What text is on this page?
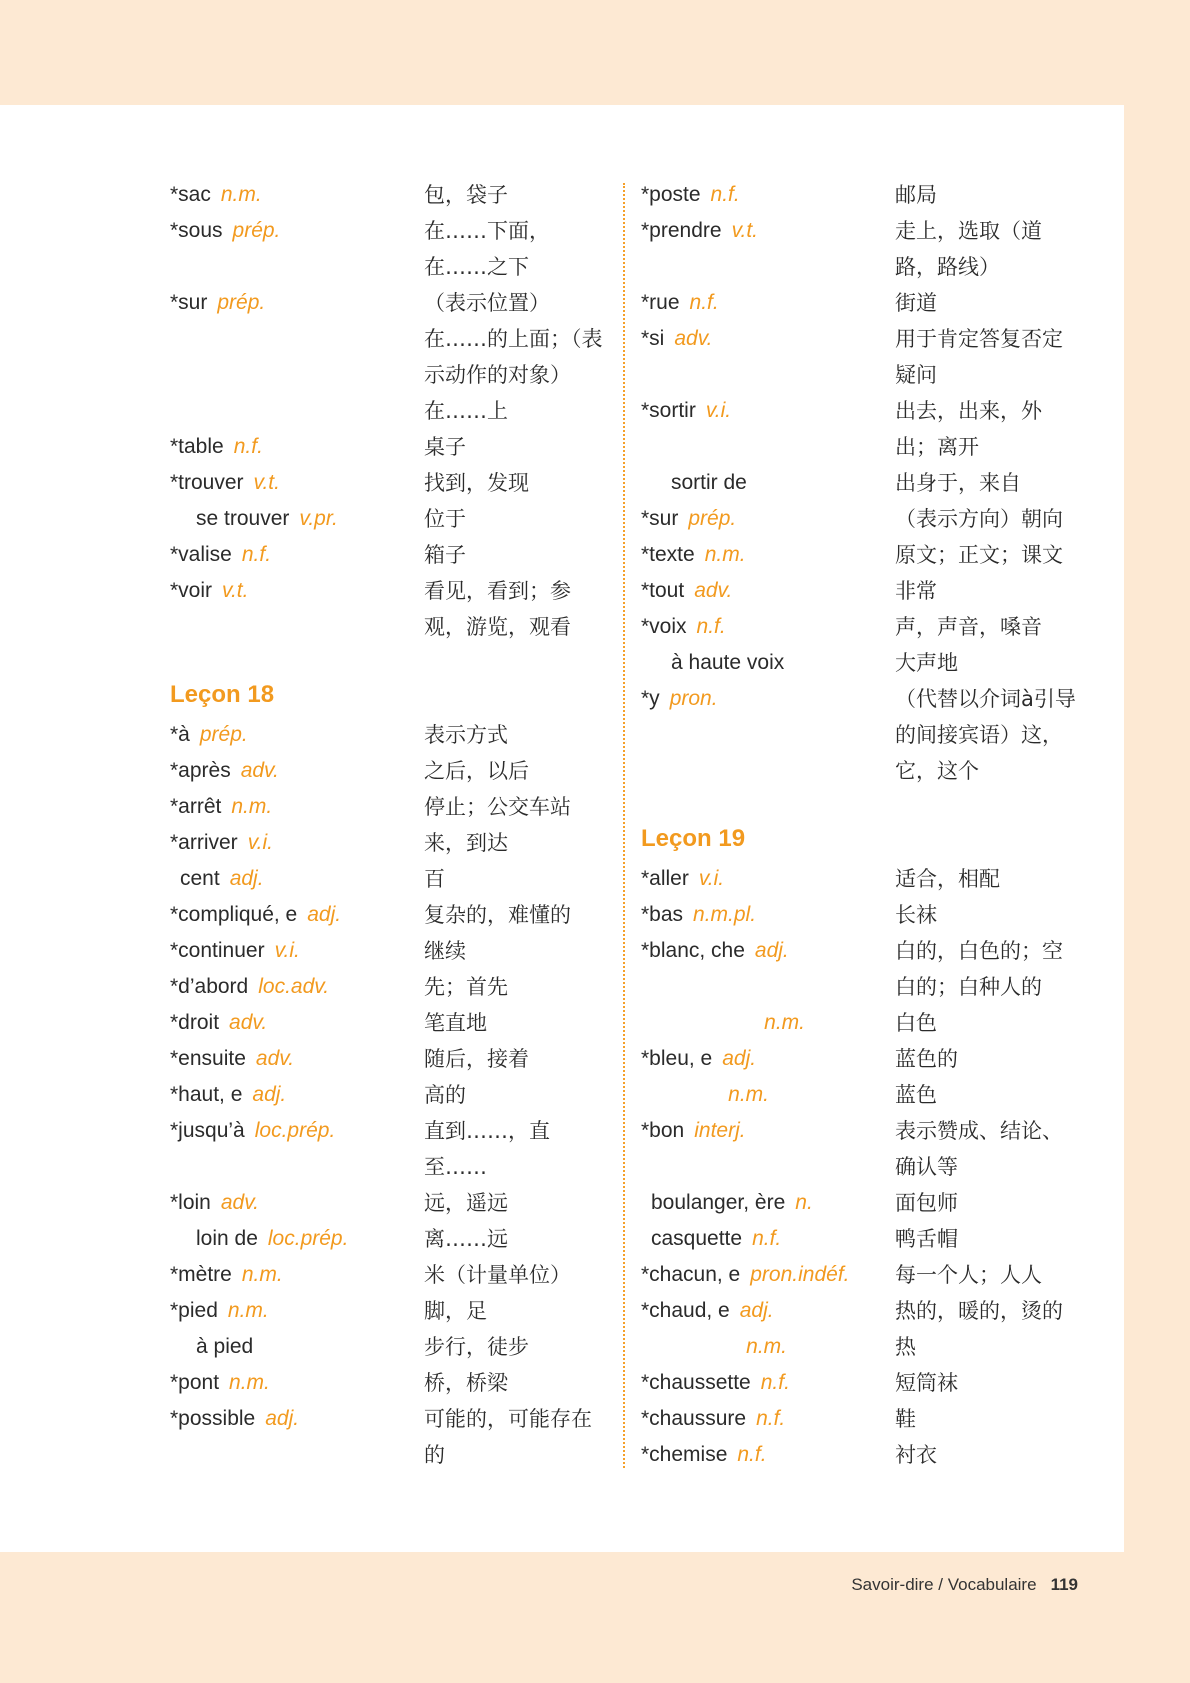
*sac n.m.	包，袋子
*sous prép.	在……下面，在……之下
*sur prép.	（表示位置）在……的上面；（表示动作的对象）在……上
*table n.f.	桌子
*trouver v.t.	找到，发现
se trouver v.pr.	位于
*valise n.f.	箱子
*voir v.t.	看见，看到；参观，游览，观看
Leçon 18
*à prép.	表示方式
*après adv.	之后，以后
*arrêt n.m.	停止；公交车站
*arriver v.i.	来，到达
cent adj.	百
*compliqué, e adj.	复杂的，难懂的
*continuer v.i.	继续
*d’abord loc.adv.	先；首先
*droit adv.	笔直地
*ensuite adv.	随后，接着
*haut, e adj.	高的
*jusqu’à loc.prép.	直到……，直至……
*loin adv.	远，遥远
loin de loc.prép.	离……远
*mètre n.m.	米（计量单位）
*pied n.m.	脚，足
à pied	步行，徒步
*pont n.m.	桥，桥梁
*possible adj.	可能的，可能存在的
*poste n.f.	邮局
*prendre v.t.	走上，选取（道路，路线）
*rue n.f.	街道
*si adv.	用于肯定答复否定疑问
*sortir v.i.	出去，出来，外出；离开
sortir de	出身于，来自
*sur prép.	（表示方向）朝向
*texte n.m.	原文；正文；课文
*tout adv.	非常
*voix n.f.	声，声音，嗓音
à haute voix	大声地
*y pron.	（代替以介词à引导的间接宾语）这，它，这个
Leçon 19
*aller v.i.	适合，相配
*bas n.m.pl.	长袜
*blanc, che adj.	白的，白色的；空白的；白种人的
n.m.	白色
*bleu, e adj.	蓝色的
n.m.	蓝色
*bon interj.	表示赞成、结论、确认等
boulanger, ère n.	面包师
casquette n.f.	鸭舌帽
*chacun, e pron.indéf.	每一个人；人人
*chaud, e adj.	热的，暖的，烫的
n.m.	热
*chaussette n.f.	短筒袜
*chaussure n.f.	鞋
*chemise n.f.	衬衣
Savoir-dire / Vocabulaire 119
